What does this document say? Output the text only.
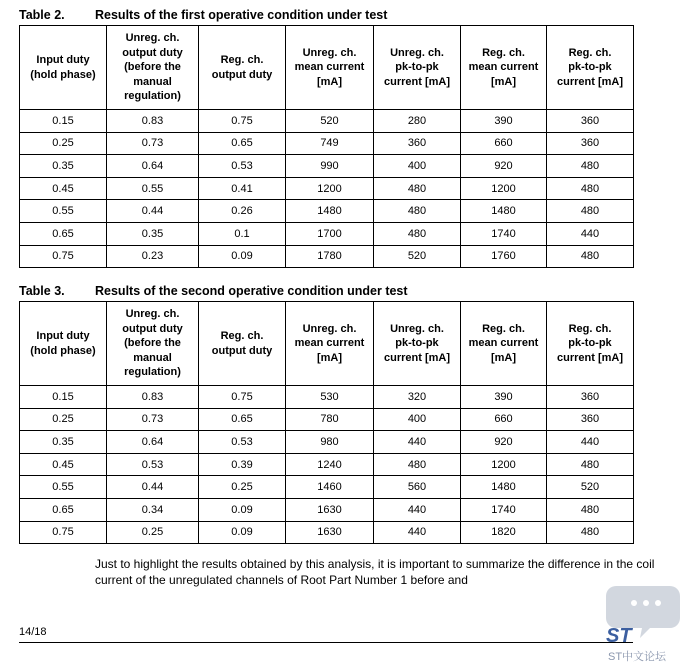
Table 2. Results of the first operative condition under test
Input duty
(hold phase)	Unreg. ch.
output duty
(before the
manual
regulation)	Reg. ch.
output duty	Unreg. ch.
mean current
[mA]	Unreg. ch.
pk-to-pk
current [mA]	Reg. ch.
mean current
[mA]	Reg. ch.
pk-to-pk
current [mA]
0.15	0.83	0.75	520	280	390	360
0.25	0.73	0.65	749	360	660	360
0.35	0.64	0.53	990	400	920	480
0.45	0.55	0.41	1200	480	1200	480
0.55	0.44	0.26	1480	480	1480	480
0.65	0.35	0.1	1700	480	1740	440
0.75	0.23	0.09	1780	520	1760	480
Table 3. Results of the second operative condition under test
Input duty
(hold phase)	Unreg. ch.
output duty
(before the
manual
regulation)	Reg. ch.
output duty	Unreg. ch.
mean current
[mA]	Unreg. ch.
pk-to-pk
current [mA]	Reg. ch.
mean current
[mA]	Reg. ch.
pk-to-pk
current [mA]
0.15	0.83	0.75	530	320	390	360
0.25	0.73	0.65	780	400	660	360
0.35	0.64	0.53	980	440	920	440
0.45	0.53	0.39	1240	480	1200	480
0.55	0.44	0.25	1460	560	1480	520
0.65	0.34	0.09	1630	440	1740	480
0.75	0.25	0.09	1630	440	1820	480

Just to highlight the results obtained by this analysis, it is important to summarize the difference in the coil current of the unregulated channels of Root Part Number 1 before and

14/18	ST
ST中文论坛
